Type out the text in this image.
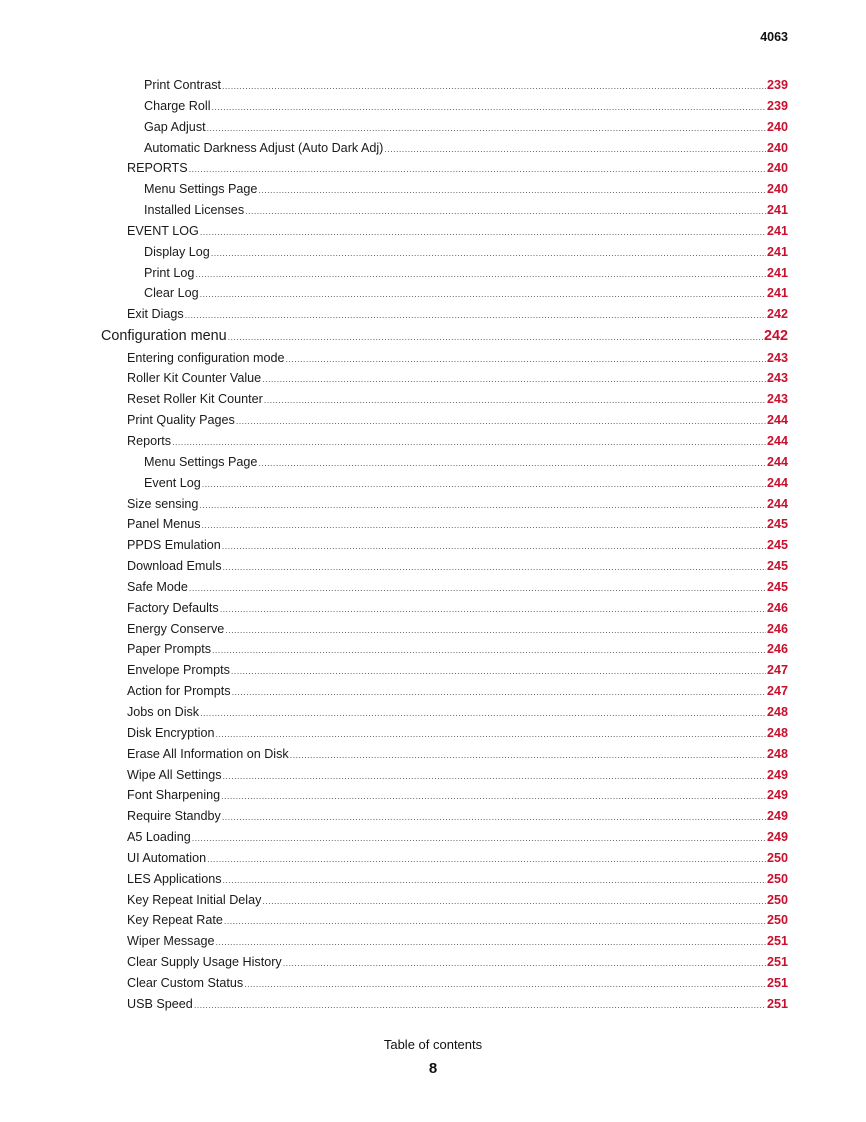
4063
Print Contrast .....	239
Charge Roll .....	239
Gap Adjust .....	240
Automatic Darkness Adjust (Auto Dark Adj) .....	240
REPORTS .....	240
Menu Settings Page .....	240
Installed Licenses .....	241
EVENT LOG .....	241
Display Log .....	241
Print Log .....	241
Clear Log .....	241
Exit Diags .....	242
Configuration menu .....	242
Entering configuration mode .....	243
Roller Kit Counter Value .....	243
Reset Roller Kit Counter .....	243
Print Quality Pages .....	244
Reports .....	244
Menu Settings Page .....	244
Event Log .....	244
Size sensing .....	244
Panel Menus .....	245
PPDS Emulation .....	245
Download Emuls .....	245
Safe Mode .....	245
Factory Defaults .....	246
Energy Conserve .....	246
Paper Prompts .....	246
Envelope Prompts .....	247
Action for Prompts .....	247
Jobs on Disk .....	248
Disk Encryption .....	248
Erase All Information on Disk .....	248
Wipe All Settings .....	249
Font Sharpening .....	249
Require Standby .....	249
A5 Loading .....	249
UI Automation .....	250
LES Applications .....	250
Key Repeat Initial Delay .....	250
Key Repeat Rate .....	250
Wiper Message .....	251
Clear Supply Usage History .....	251
Clear Custom Status .....	251
USB Speed .....	251
Table of contents
8
